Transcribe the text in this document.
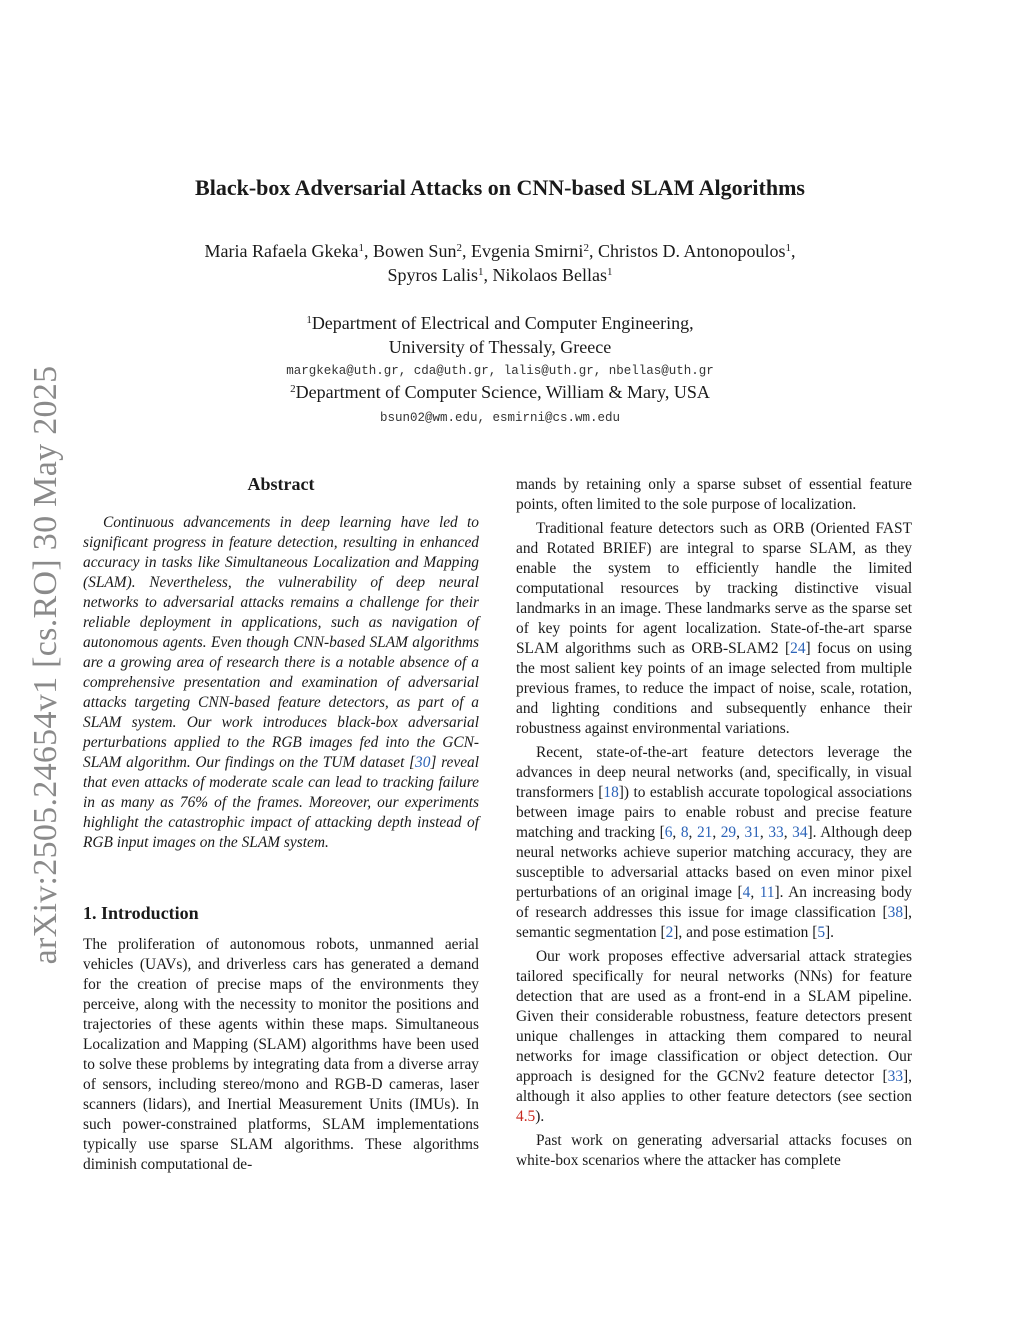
arXiv:2505.24654v1 [cs.RO] 30 May 2025
Black-box Adversarial Attacks on CNN-based SLAM Algorithms
Maria Rafaela Gkeka$^1$, Bowen Sun$^2$, Evgenia Smirni$^2$, Christos D. Antonopoulos$^1$,
Spyros Lalis$^1$, Nikolaos Bellas$^1$
$^1$Department of Electrical and Computer Engineering,
University of Thessaly, Greece
margkeka@uth.gr, cda@uth.gr, lalis@uth.gr, nbellas@uth.gr
$^2$Department of Computer Science, William & Mary, USA
bsun02@wm.edu, esmirni@cs.wm.edu
Abstract

Continuous advancements in deep learning have led to significant progress in feature detection, resulting in enhanced accuracy in tasks like Simultaneous Localization and Mapping (SLAM). Nevertheless, the vulnerability of deep neural networks to adversarial attacks remains a challenge for their reliable deployment in applications, such as navigation of autonomous agents. Even though CNN-based SLAM algorithms are a growing area of research there is a notable absence of a comprehensive presentation and examination of adversarial attacks targeting CNN-based feature detectors, as part of a SLAM system. Our work introduces black-box adversarial perturbations applied to the RGB images fed into the GCN-SLAM algorithm. Our findings on the TUM dataset [30] reveal that even attacks of moderate scale can lead to tracking failure in as many as 76% of the frames. Moreover, our experiments highlight the catastrophic impact of attacking depth instead of RGB input images on the SLAM system.

1. Introduction

The proliferation of autonomous robots, unmanned aerial vehicles (UAVs), and driverless cars has generated a demand for the creation of precise maps of the environments they perceive, along with the necessity to monitor the positions and trajectories of these agents within these maps. Simultaneous Localization and Mapping (SLAM) algorithms have been used to solve these problems by integrating data from a diverse array of sensors, including stereo/mono and RGB-D cameras, laser scanners (lidars), and Inertial Measurement Units (IMUs). In such power-constrained platforms, SLAM implementations typically use sparse SLAM algorithms. These algorithms diminish computational de-

mands by retaining only a sparse subset of essential feature points, often limited to the sole purpose of localization.

Traditional feature detectors such as ORB (Oriented FAST and Rotated BRIEF) are integral to sparse SLAM, as they enable the system to efficiently handle the limited computational resources by tracking distinctive visual landmarks in an image. These landmarks serve as the sparse set of key points for agent localization. State-of-the-art sparse SLAM algorithms such as ORB-SLAM2 [24] focus on using the most salient key points of an image selected from multiple previous frames, to reduce the impact of noise, scale, rotation, and lighting conditions and subsequently enhance their robustness against environmental variations.

Recent, state-of-the-art feature detectors leverage the advances in deep neural networks (and, specifically, in visual transformers [18]) to establish accurate topological associations between image pairs to enable robust and precise feature matching and tracking [6, 8, 21, 29, 31, 33, 34]. Although deep neural networks achieve superior matching accuracy, they are susceptible to adversarial attacks based on even minor pixel perturbations of an original image [4, 11]. An increasing body of research addresses this issue for image classification [38], semantic segmentation [2], and pose estimation [5].

Our work proposes effective adversarial attack strategies tailored specifically for neural networks (NNs) for feature detection that are used as a front-end in a SLAM pipeline. Given their considerable robustness, feature detectors present unique challenges in attacking them compared to neural networks for image classification or object detection. Our approach is designed for the GCNv2 feature detector [33], although it also applies to other feature detectors (see section 4.5).

Past work on generating adversarial attacks focuses on white-box scenarios where the attacker has complete
